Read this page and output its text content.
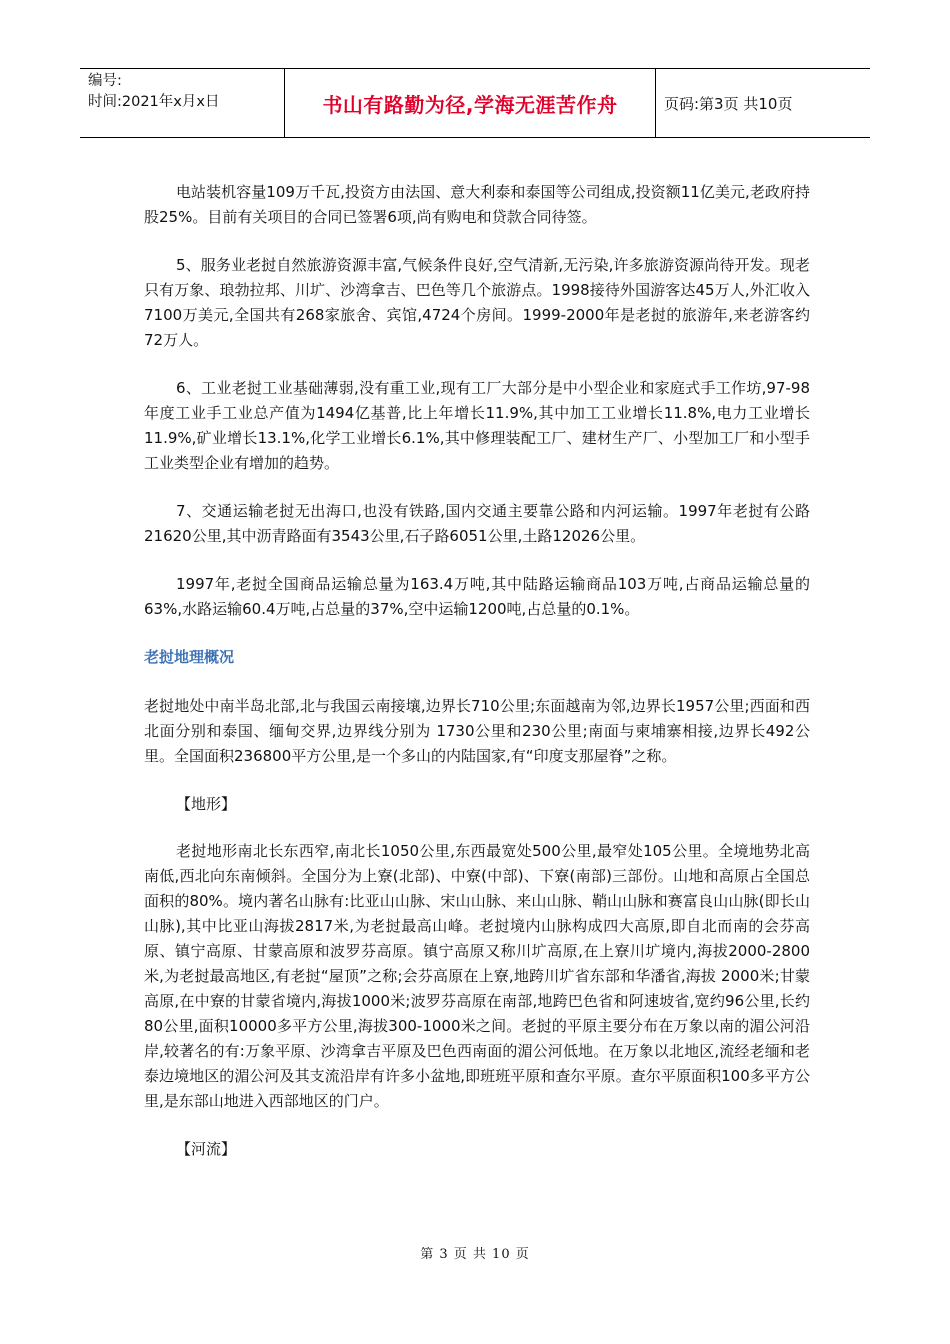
编号:
时间:2021年x月x日	书山有路勤为径,学海无涯苦作舟	页码:第3页 共10页

电站装机容量109万千瓦,投资方由法国、意大利泰和泰国等公司组成,投资额11亿美元,老政府持股25%。目前有关项目的合同已签署6项,尚有购电和贷款合同待签。

5、服务业老挝自然旅游资源丰富,气候条件良好,空气清新,无污染,许多旅游资源尚待开发。现老只有万象、琅勃拉邦、川圹、沙湾拿吉、巴色等几个旅游点。1998接待外国游客达45万人,外汇收入7100万美元,全国共有268家旅舍、宾馆,4724个房间。1999-2000年是老挝的旅游年,来老游客约72万人。

6、工业老挝工业基础薄弱,没有重工业,现有工厂大部分是中小型企业和家庭式手工作坊,97-98年度工业手工业总产值为1494亿基普,比上年增长11.9%,其中加工工业增长11.8%,电力工业增长11.9%,矿业增长13.1%,化学工业增长6.1%,其中修理装配工厂、建材生产厂、小型加工厂和小型手工业类型企业有增加的趋势。

7、交通运输老挝无出海口,也没有铁路,国内交通主要靠公路和内河运输。1997年老挝有公路21620公里,其中沥青路面有3543公里,石子路6051公里,土路12026公里。

1997年,老挝全国商品运输总量为163.4万吨,其中陆路运输商品103万吨,占商品运输总量的63%,水路运输60.4万吨,占总量的37%,空中运输1200吨,占总量的0.1%。

老挝地理概况

老挝地处中南半岛北部,北与我国云南接壤,边界长710公里;东面越南为邻,边界长1957公里;西面和西北面分别和泰国、缅甸交界,边界线分别为 1730公里和230公里;南面与柬埔寨相接,边界长492公里。全国面积236800平方公里,是一个多山的内陆国家,有“印度支那屋脊”之称。

【地形】

老挝地形南北长东西窄,南北长1050公里,东西最宽处500公里,最窄处105公里。全境地势北高南低,西北向东南倾斜。全国分为上寮(北部)、中寮(中部)、下寮(南部)三部份。山地和高原占全国总面积的80%。境内著名山脉有:比亚山山脉、宋山山脉、来山山脉、鞘山山脉和赛富良山山脉(即长山山脉),其中比亚山海拔2817米,为老挝最高山峰。老挝境内山脉构成四大高原,即自北而南的会芬高原、镇宁高原、甘蒙高原和波罗芬高原。镇宁高原又称川圹高原,在上寮川圹境内,海拔2000-2800米,为老挝最高地区,有老挝“屋顶”之称;会芬高原在上寮,地跨川圹省东部和华潘省,海拔 2000米;甘蒙高原,在中寮的甘蒙省境内,海拔1000米;波罗芬高原在南部,地跨巴色省和阿速坡省,宽约96公里,长约80公里,面积10000多平方公里,海拔300-1000米之间。老挝的平原主要分布在万象以南的湄公河沿岸,较著名的有:万象平原、沙湾拿吉平原及巴色西南面的湄公河低地。在万象以北地区,流经老缅和老泰边境地区的湄公河及其支流沿岸有许多小盆地,即班班平原和查尔平原。查尔平原面积100多平方公里,是东部山地进入西部地区的门户。

【河流】
第 3 页 共 10 页
